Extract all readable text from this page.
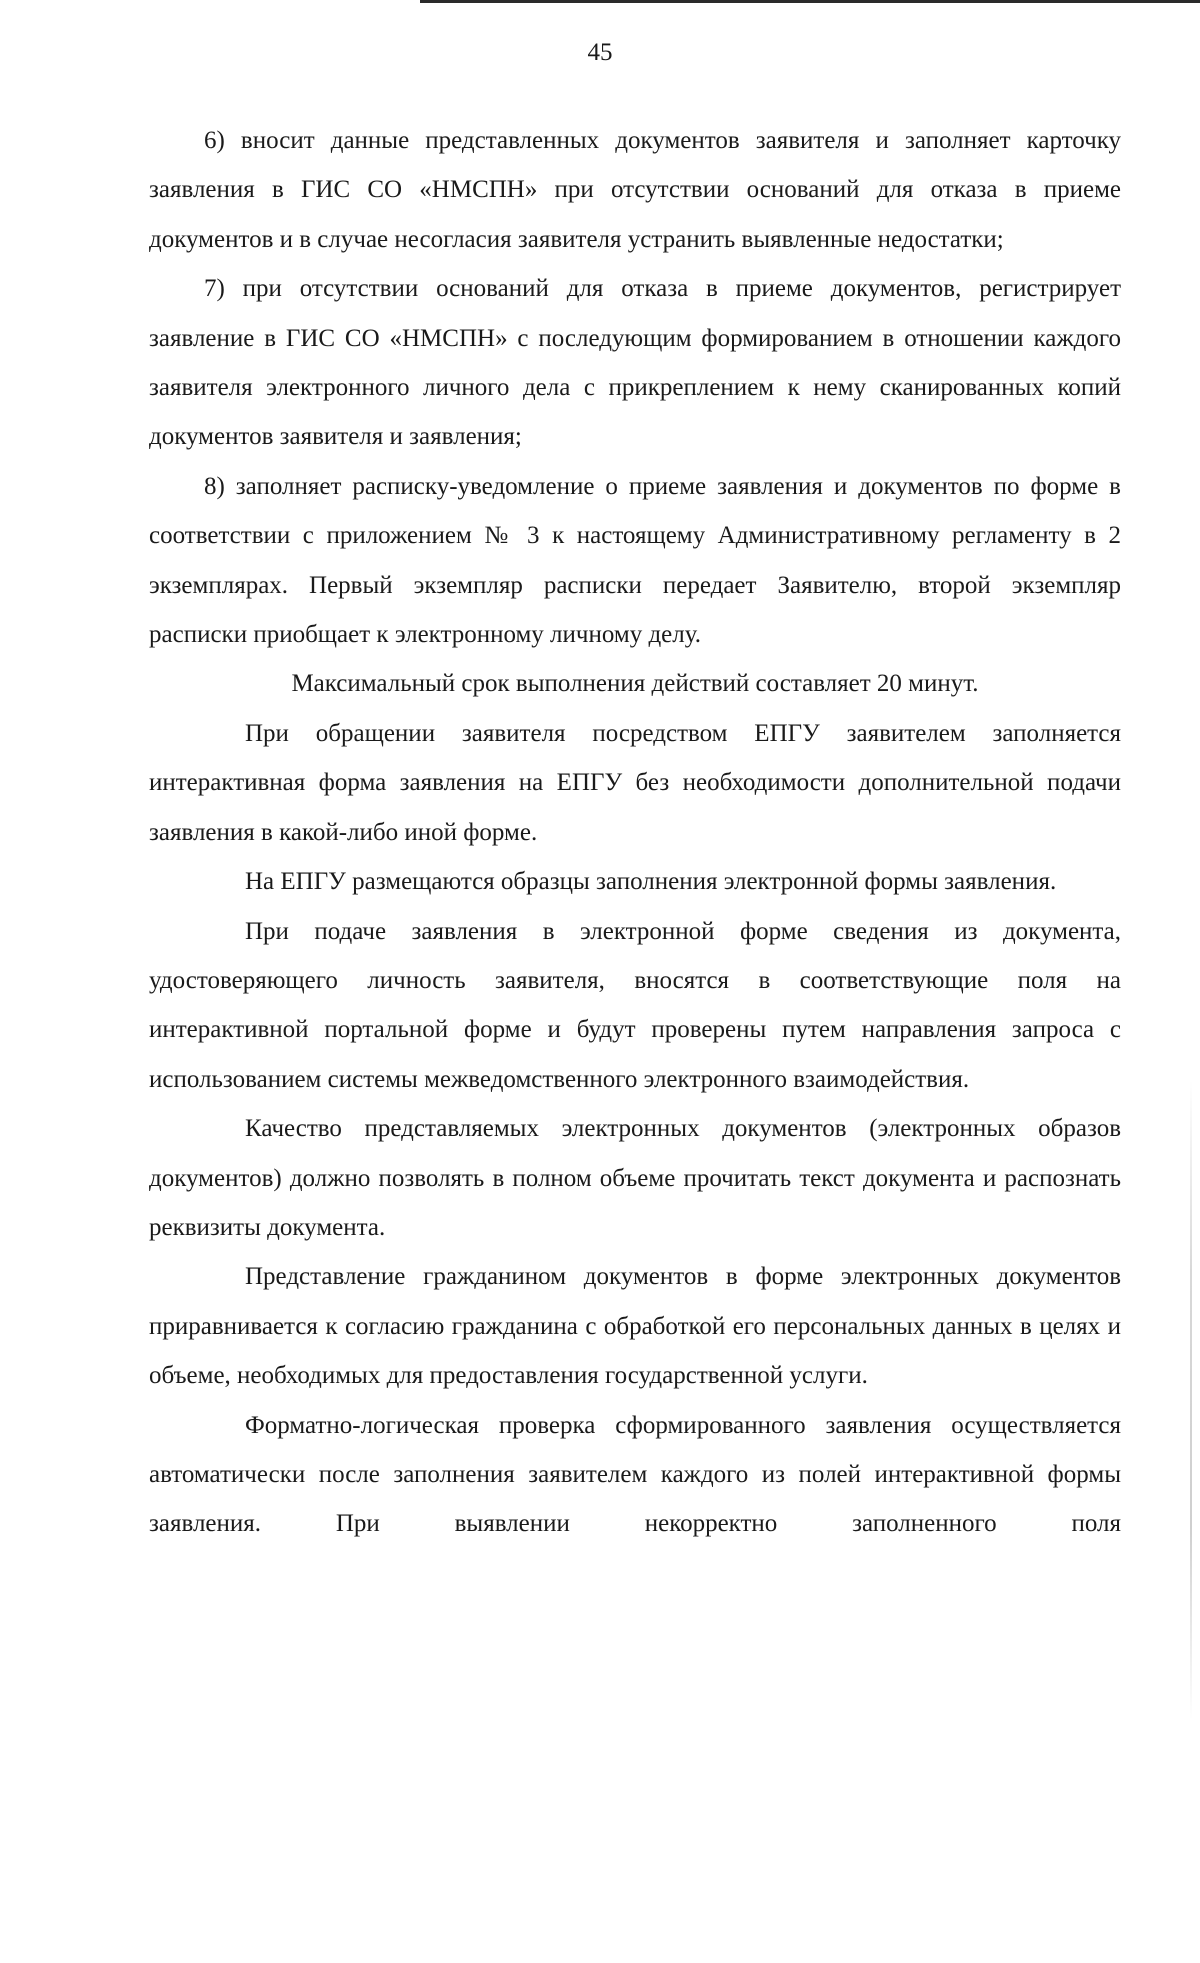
45

6) вносит данные представленных документов заявителя и заполняет карточку заявления в ГИС СО «НМСПН» при отсутствии оснований для отказа в приеме документов и в случае несогласия заявителя устранить выявленные недостатки;

7) при отсутствии оснований для отказа в приеме документов, регистрирует заявление в ГИС СО «НМСПН» с последующим формированием в отношении каждого заявителя электронного личного дела с прикреплением к нему сканированных копий документов заявителя и заявления;

8) заполняет расписку-уведомление о приеме заявления и документов по форме в соответствии с приложением № 3 к настоящему Административному регламенту в 2 экземплярах. Первый экземпляр расписки передает Заявителю, второй экземпляр расписки приобщает к электронному личному делу.

Максимальный срок выполнения действий составляет 20 минут.

При обращении заявителя посредством ЕПГУ заявителем заполняется интерактивная форма заявления на ЕПГУ без необходимости дополнительной подачи заявления в какой-либо иной форме.

На ЕПГУ размещаются образцы заполнения электронной формы заявления.

При подаче заявления в электронной форме сведения из документа, удостоверяющего личность заявителя, вносятся в соответствующие поля на интерактивной портальной форме и будут проверены путем направления запроса с использованием системы межведомственного электронного взаимодействия.

Качество представляемых электронных документов (электронных образов документов) должно позволять в полном объеме прочитать текст документа и распознать реквизиты документа.

Представление гражданином документов в форме электронных документов приравнивается к согласию гражданина с обработкой его персональных данных в целях и объеме, необходимых для предоставления государственной услуги.

Форматно-логическая проверка сформированного заявления осуществляется автоматически после заполнения заявителем каждого из полей интерактивной формы заявления. При выявлении некорректно заполненного поля
